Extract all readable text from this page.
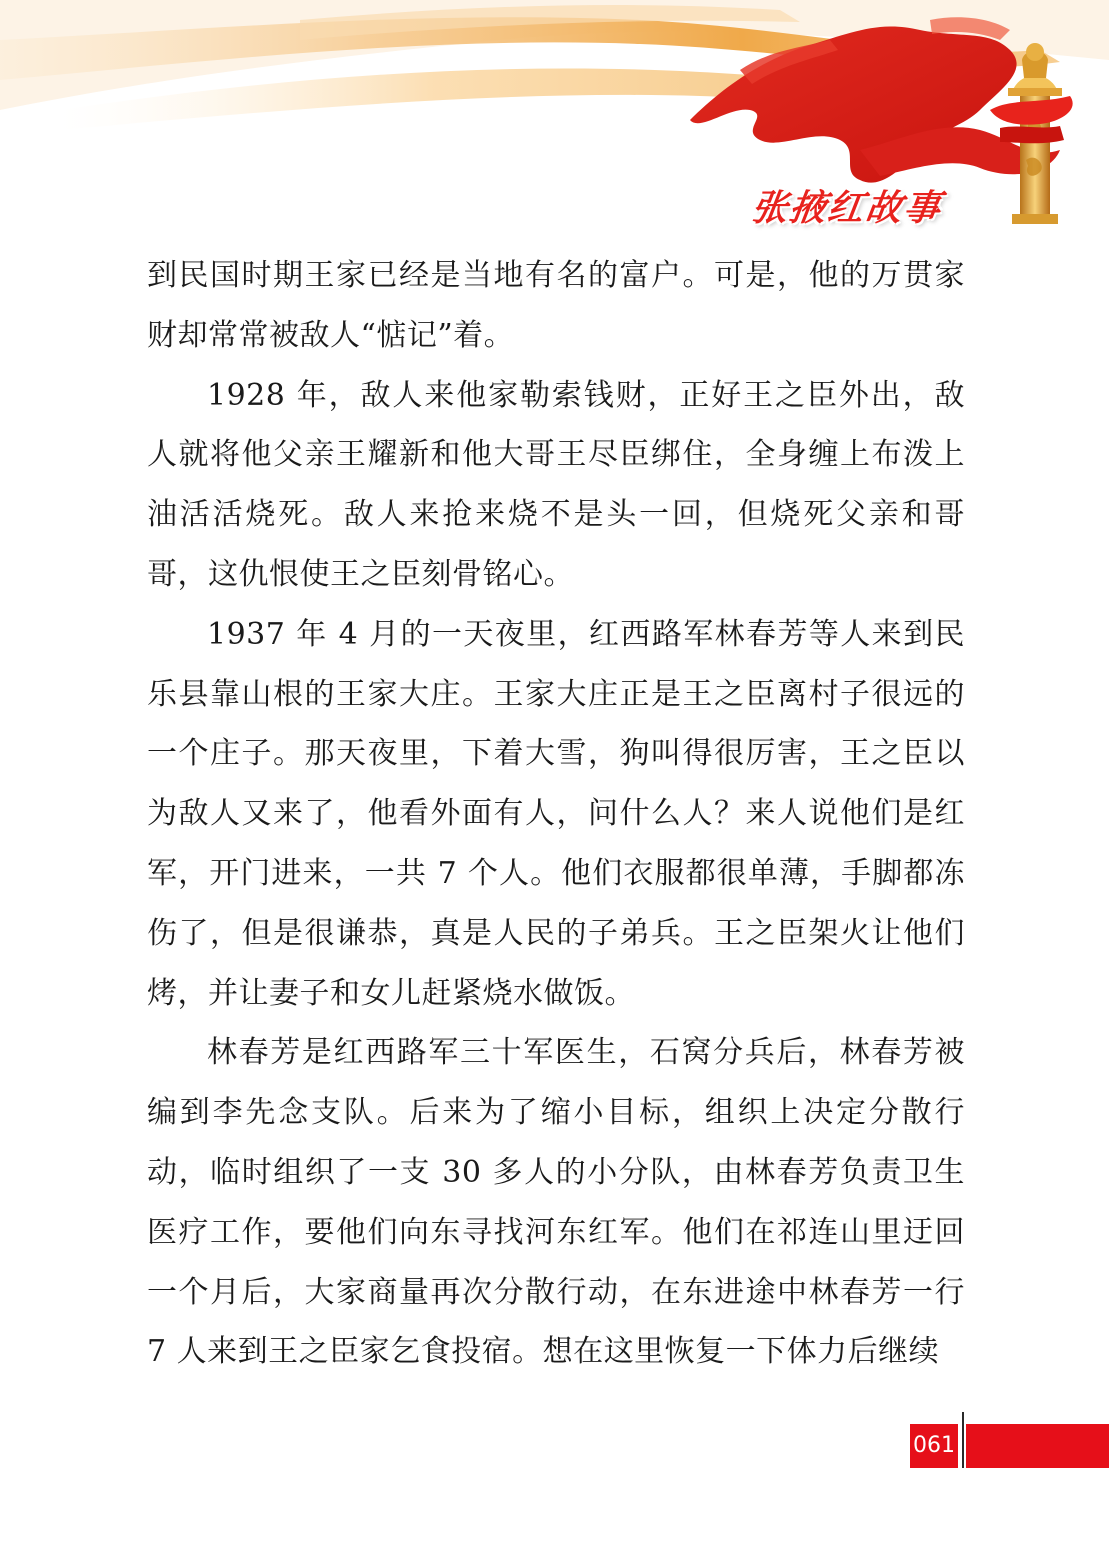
张掖红故事

到民国时期王家已经是当地有名的富户。可是，他的万贯家财却常常被敌人“惦记”着。

1928 年，敌人来他家勒索钱财，正好王之臣外出，敌人就将他父亲王耀新和他大哥王尽臣绑住，全身缠上布泼上油活活烧死。敌人来抢来烧不是头一回，但烧死父亲和哥哥，这仇恨使王之臣刻骨铭心。

1937 年 4 月的一天夜里，红西路军林春芳等人来到民乐县靠山根的王家大庄。王家大庄正是王之臣离村子很远的一个庄子。那天夜里，下着大雪，狗叫得很厉害，王之臣以为敌人又来了，他看外面有人，问什么人？来人说他们是红军，开门进来，一共 7 个人。他们衣服都很单薄，手脚都冻伤了，但是很谦恭，真是人民的子弟兵。王之臣架火让他们烤，并让妻子和女儿赶紧烧水做饭。

林春芳是红西路军三十军医生，石窝分兵后，林春芳被编到李先念支队。后来为了缩小目标，组织上决定分散行动，临时组织了一支 30 多人的小分队，由林春芳负责卫生医疗工作，要他们向东寻找河东红军。他们在祁连山里迂回一个月后，大家商量再次分散行动，在东进途中林春芳一行 7 人来到王之臣家乞食投宿。想在这里恢复一下体力后继续

061
